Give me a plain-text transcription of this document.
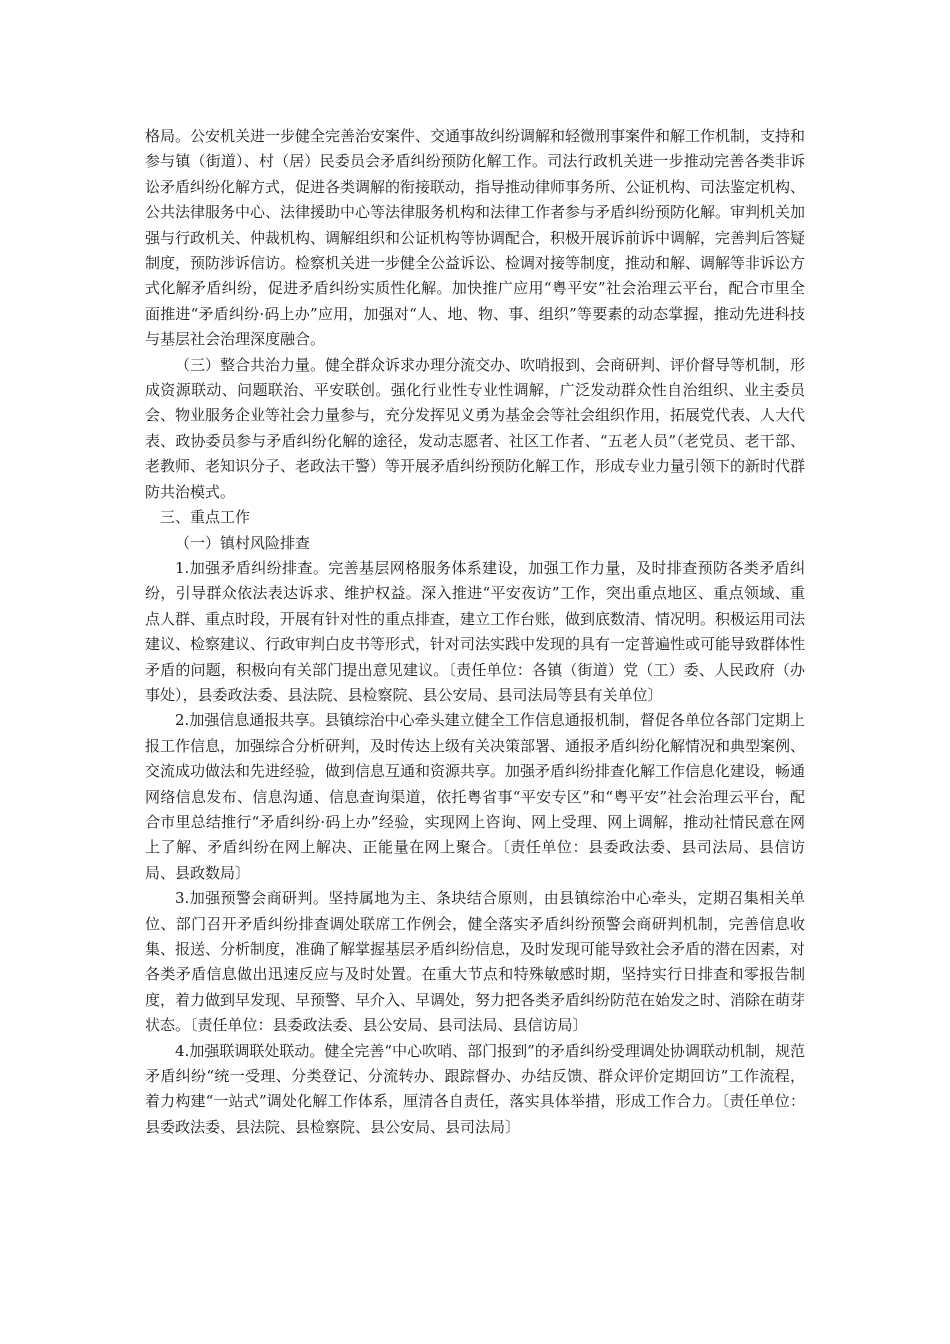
格局。公安机关进一步健全完善治安案件、交通事故纠纷调解和轻微刑事案件和解工作机制，支持和参与镇（街道）、村（居）民委员会矛盾纠纷预防化解工作。司法行政机关进一步推动完善各类非诉讼矛盾纠纷化解方式，促进各类调解的衔接联动，指导推动律师事务所、公证机构、司法鉴定机构、公共法律服务中心、法律援助中心等法律服务机构和法律工作者参与矛盾纠纷预防化解。审判机关加强与行政机关、仲裁机构、调解组织和公证机构等协调配合，积极开展诉前诉中调解，完善判后答疑制度，预防涉诉信访。检察机关进一步健全公益诉讼、检调对接等制度，推动和解、调解等非诉讼方式化解矛盾纠纷，促进矛盾纠纷实质性化解。加快推广应用“粤平安”社会治理云平台，配合市里全面推进“矛盾纠纷·码上办”应用，加强对“人、地、物、事、组织”等要素的动态掌握，推动先进科技与基层社会治理深度融合。

（三）整合共治力量。健全群众诉求办理分流交办、吹哨报到、会商研判、评价督导等机制，形成资源联动、问题联治、平安联创。强化行业性专业性调解，广泛发动群众性自治组织、业主委员会、物业服务企业等社会力量参与，充分发挥见义勇为基金会等社会组织作用，拓展党代表、人大代表、政协委员参与矛盾纠纷化解的途径，发动志愿者、社区工作者、“五老人员”（老党员、老干部、老教师、老知识分子、老政法干警）等开展矛盾纠纷预防化解工作，形成专业力量引领下的新时代群防共治模式。

三、重点工作

（一）镇村风险排查

1.加强矛盾纠纷排查。完善基层网格服务体系建设，加强工作力量，及时排查预防各类矛盾纠纷，引导群众依法表达诉求、维护权益。深入推进“平安夜访”工作，突出重点地区、重点领域、重点人群、重点时段，开展有针对性的重点排查，建立工作台账，做到底数清、情况明。积极运用司法建议、检察建议、行政审判白皮书等形式，针对司法实践中发现的具有一定普遍性或可能导致群体性矛盾的问题，积极向有关部门提出意见建议。〔责任单位：各镇（街道）党（工）委、人民政府（办事处），县委政法委、县法院、县检察院、县公安局、县司法局等县有关单位〕

2.加强信息通报共享。县镇综治中心牵头建立健全工作信息通报机制，督促各单位各部门定期上报工作信息，加强综合分析研判，及时传达上级有关决策部署、通报矛盾纠纷化解情况和典型案例、交流成功做法和先进经验，做到信息互通和资源共享。加强矛盾纠纷排查化解工作信息化建设，畅通网络信息发布、信息沟通、信息查询渠道，依托粤省事“平安专区”和“粤平安”社会治理云平台，配合市里总结推行“矛盾纠纷·码上办”经验，实现网上咨询、网上受理、网上调解，推动社情民意在网上了解、矛盾纠纷在网上解决、正能量在网上聚合。〔责任单位：县委政法委、县司法局、县信访局、县政数局〕

3.加强预警会商研判。坚持属地为主、条块结合原则，由县镇综治中心牵头，定期召集相关单位、部门召开矛盾纠纷排查调处联席工作例会，健全落实矛盾纠纷预警会商研判机制，完善信息收集、报送、分析制度，准确了解掌握基层矛盾纠纷信息，及时发现可能导致社会矛盾的潜在因素，对各类矛盾信息做出迅速反应与及时处置。在重大节点和特殊敏感时期，坚持实行日排查和零报告制度，着力做到早发现、早预警、早介入、早调处，努力把各类矛盾纠纷防范在始发之时、消除在萌芽状态。〔责任单位：县委政法委、县公安局、县司法局、县信访局〕

4.加强联调联处联动。健全完善“中心吹哨、部门报到”的矛盾纠纷受理调处协调联动机制，规范矛盾纠纷“统一受理、分类登记、分流转办、跟踪督办、办结反馈、群众评价定期回访”工作流程，着力构建“一站式”调处化解工作体系，厘清各自责任，落实具体举措，形成工作合力。〔责任单位：县委政法委、县法院、县检察院、县公安局、县司法局〕
